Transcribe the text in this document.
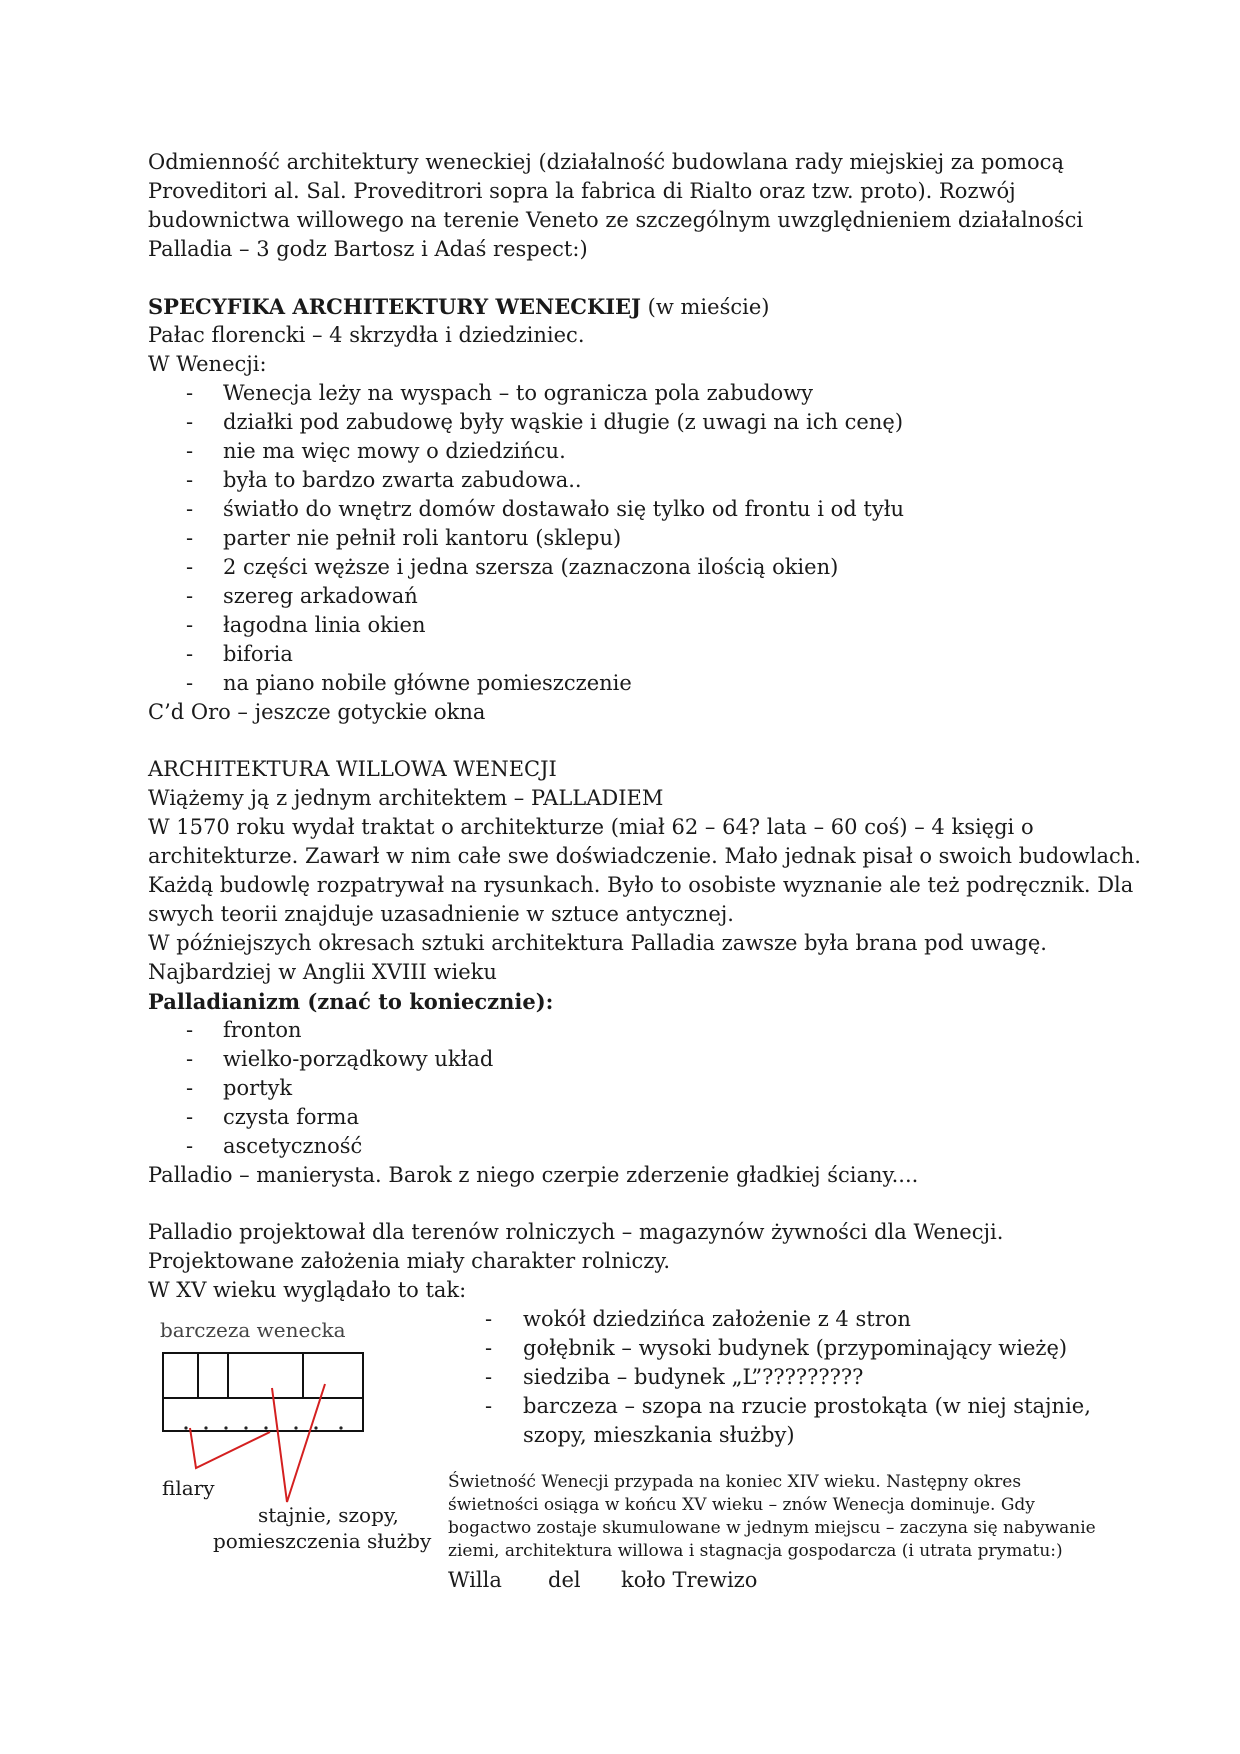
Odmienność architektury weneckiej (działalność budowlana rady miejskiej za pomocą
Proveditori al. Sal. Proveditrori sopra la fabrica di Rialto oraz tzw. proto). Rozwój
budownictwa willowego na terenie Veneto ze szczególnym uwzględnieniem działalności
Palladia – 3 godz Bartosz i Adaś respect:)
SPECYFIKA ARCHITEKTURY WENECKIEJ (w mieście)
Pałac florencki – 4 skrzydła i dziedziniec.
W Wenecji:
- Wenecja leży na wyspach – to ogranicza pola zabudowy
- działki pod zabudowę były wąskie i długie (z uwagi na ich cenę)
- nie ma więc mowy o dziedzińcu.
- była to bardzo zwarta zabudowa..
- światło do wnętrz domów dostawało się tylko od frontu i od tyłu
- parter nie pełnił roli kantoru (sklepu)
- 2 części węższe i jedna szersza (zaznaczona ilością okien)
- szereg arkadowań
- łagodna linia okien
- biforia
- na piano nobile główne pomieszczenie
C’d Oro – jeszcze gotyckie okna
ARCHITEKTURA WILLOWA WENECJI
Wiążemy ją z jednym architektem – PALLADIEM
W 1570 roku wydał traktat o architekturze (miał 62 – 64? lata – 60 coś) – 4 księgi o
architekturze. Zawarł w nim całe swe doświadczenie. Mało jednak pisał o swoich budowlach.
Każdą budowlę rozpatrywał na rysunkach. Było to osobiste wyznanie ale też podręcznik. Dla
swych teorii znajduje uzasadnienie w sztuce antycznej.
W późniejszych okresach sztuki architektura Palladia zawsze była brana pod uwagę.
Najbardziej w Anglii XVIII wieku
Palladianizm (znać to koniecznie):
- fronton
- wielko-porządkowy układ
- portyk
- czysta forma
- ascetyczność
Palladio – manierysta. Barok z niego czerpie zderzenie gładkiej ściany....
Palladio projektował dla terenów rolniczych – magazynów żywności dla Wenecji.
Projektowane założenia miały charakter rolniczy.
W XV wieku wyglądało to tak:
- wokół dziedzińca założenie z 4 stron
- gołębnik – wysoki budynek (przypominający wieżę)
- siedziba – budynek „L”?????????
- barczeza – szopa na rzucie prostokąta (w niej stajnie,
szopy, mieszkania służby)
barczeza wenecka
filary
stajnie, szopy,
pomieszczenia służby
Świetność Wenecji przypada na koniec XIV wieku. Następny okres
świetności osiąga w końcu XV wieku – znów Wenecja dominuje. Gdy
bogactwo zostaje skumulowane w jednym miejscu – zaczyna się nabywanie
ziemi, architektura willowa i stagnacja gospodarcza (i utrata prymatu:)
Willa del koło Trewizo
